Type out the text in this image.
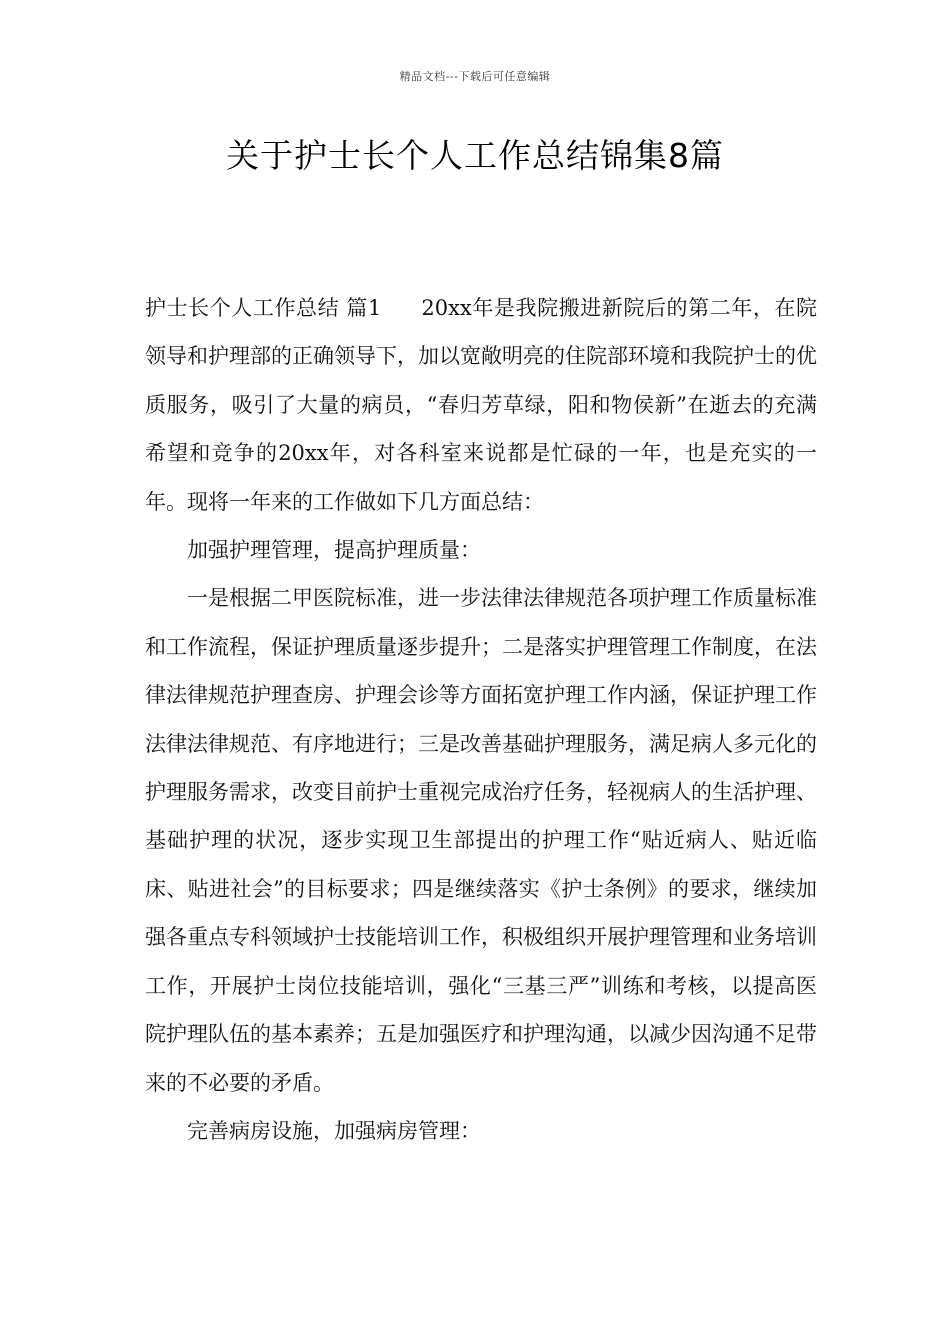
精品文档---下载后可任意编辑
关于护士长个人工作总结锦集8篇

护士长个人工作总结 篇1 20xx年是我院搬进新院后的第二年，在院领导和护理部的正确领导下，加以宽敞明亮的住院部环境和我院护士的优质服务，吸引了大量的病员，“春归芳草绿，阳和物侯新”在逝去的充满希望和竞争的20xx年，对各科室来说都是忙碌的一年，也是充实的一年。现将一年来的工作做如下几方面总结：

加强护理管理，提高护理质量：

一是根据二甲医院标准，进一步法律法律规范各项护理工作质量标准和工作流程，保证护理质量逐步提升；二是落实护理管理工作制度，在法律法律规范护理查房、护理会诊等方面拓宽护理工作内涵，保证护理工作法律法律规范、有序地进行；三是改善基础护理服务，满足病人多元化的护理服务需求，改变目前护士重视完成治疗任务，轻视病人的生活护理、基础护理的状况，逐步实现卫生部提出的护理工作“贴近病人、贴近临床、贴进社会”的目标要求；四是继续落实《护士条例》的要求，继续加强各重点专科领域护士技能培训工作，积极组织开展护理管理和业务培训工作，开展护士岗位技能培训，强化“三基三严”训练和考核，以提高医院护理队伍的基本素养；五是加强医疗和护理沟通，以减少因沟通不足带来的不必要的矛盾。

完善病房设施，加强病房管理：
